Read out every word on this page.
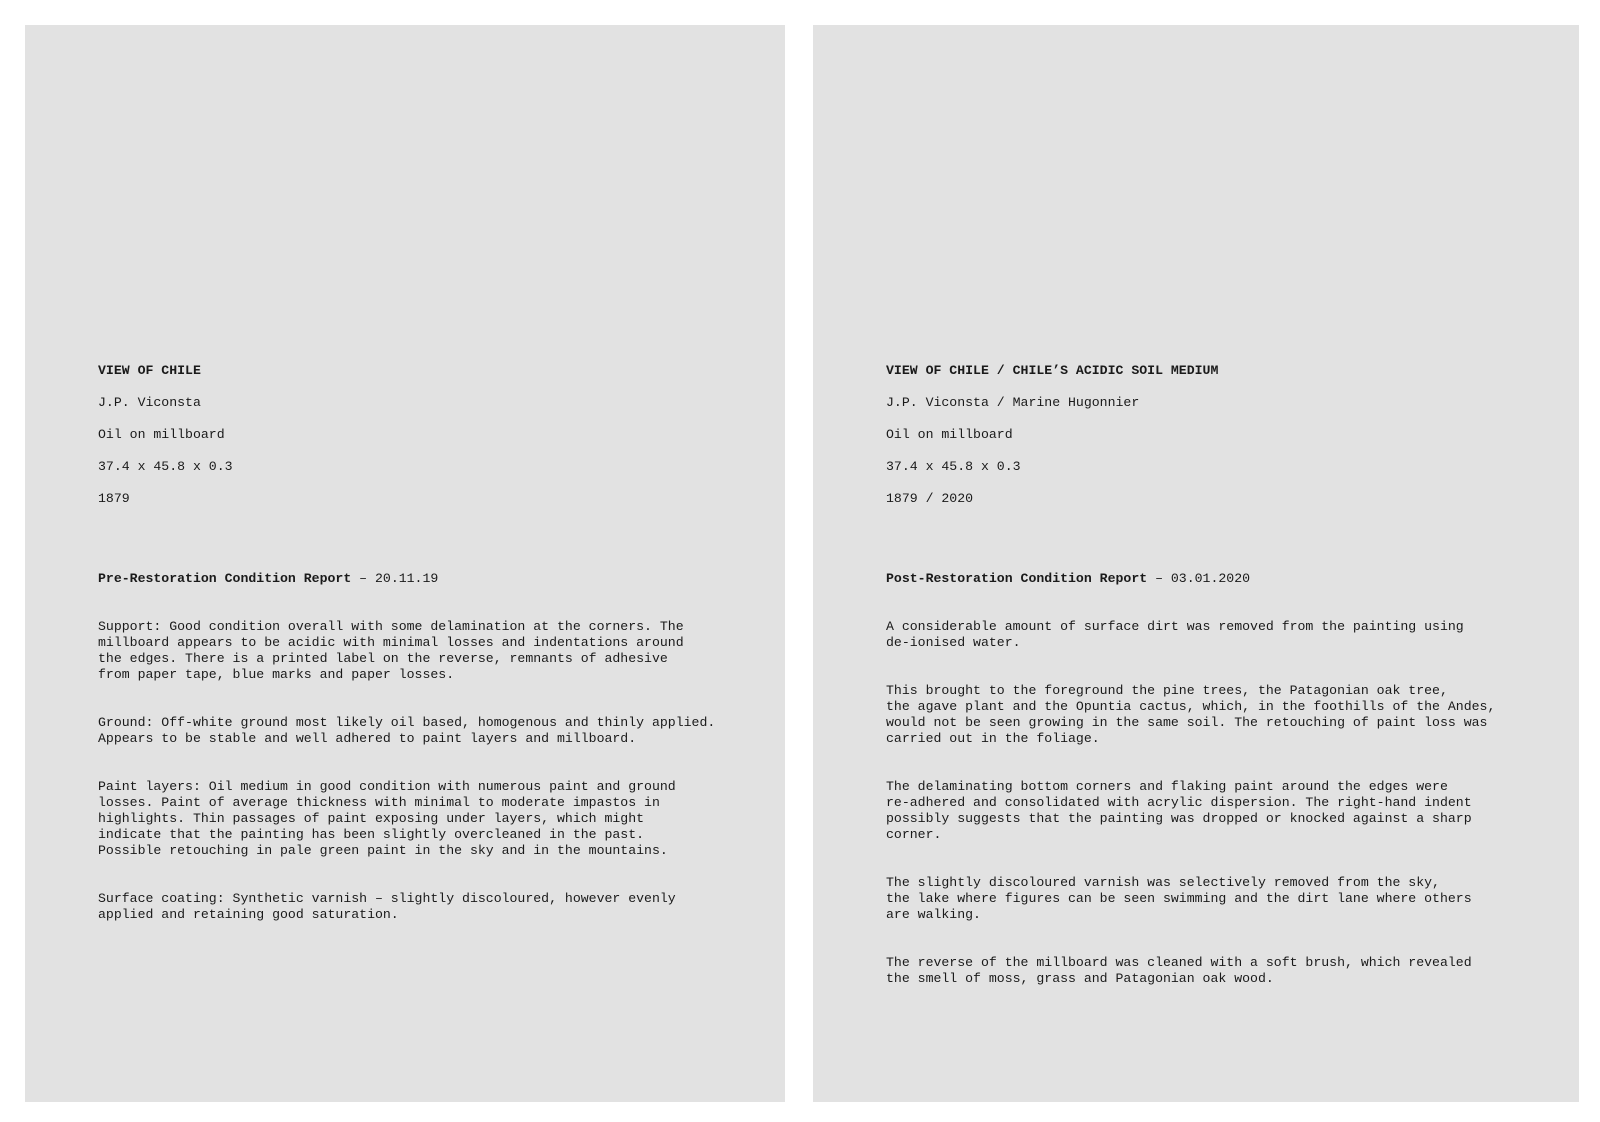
VIEW OF CHILE

J.P. Viconsta

Oil on millboard

37.4 x 45.8 x 0.3

1879

Pre-Restoration Condition Report – 20.11.19

Support: Good condition overall with some delamination at the corners. The
millboard appears to be acidic with minimal losses and indentations around
the edges. There is a printed label on the reverse, remnants of adhesive
from paper tape, blue marks and paper losses.

Ground: Off-white ground most likely oil based, homogenous and thinly applied.
Appears to be stable and well adhered to paint layers and millboard.

Paint layers: Oil medium in good condition with numerous paint and ground
losses. Paint of average thickness with minimal to moderate impastos in
highlights. Thin passages of paint exposing under layers, which might
indicate that the painting has been slightly overcleaned in the past.
Possible retouching in pale green paint in the sky and in the mountains.

Surface coating: Synthetic varnish – slightly discoloured, however evenly
applied and retaining good saturation.

VIEW OF CHILE / CHILE’S ACIDIC SOIL MEDIUM

J.P. Viconsta / Marine Hugonnier

Oil on millboard

37.4 x 45.8 x 0.3

1879 / 2020

Post-Restoration Condition Report – 03.01.2020

A considerable amount of surface dirt was removed from the painting using
de-ionised water.

This brought to the foreground the pine trees, the Patagonian oak tree,
the agave plant and the Opuntia cactus, which, in the foothills of the Andes,
would not be seen growing in the same soil. The retouching of paint loss was
carried out in the foliage.

The delaminating bottom corners and flaking paint around the edges were
re-adhered and consolidated with acrylic dispersion. The right-hand indent
possibly suggests that the painting was dropped or knocked against a sharp
corner.

The slightly discoloured varnish was selectively removed from the sky,
the lake where figures can be seen swimming and the dirt lane where others
are walking.

The reverse of the millboard was cleaned with a soft brush, which revealed
the smell of moss, grass and Patagonian oak wood.
